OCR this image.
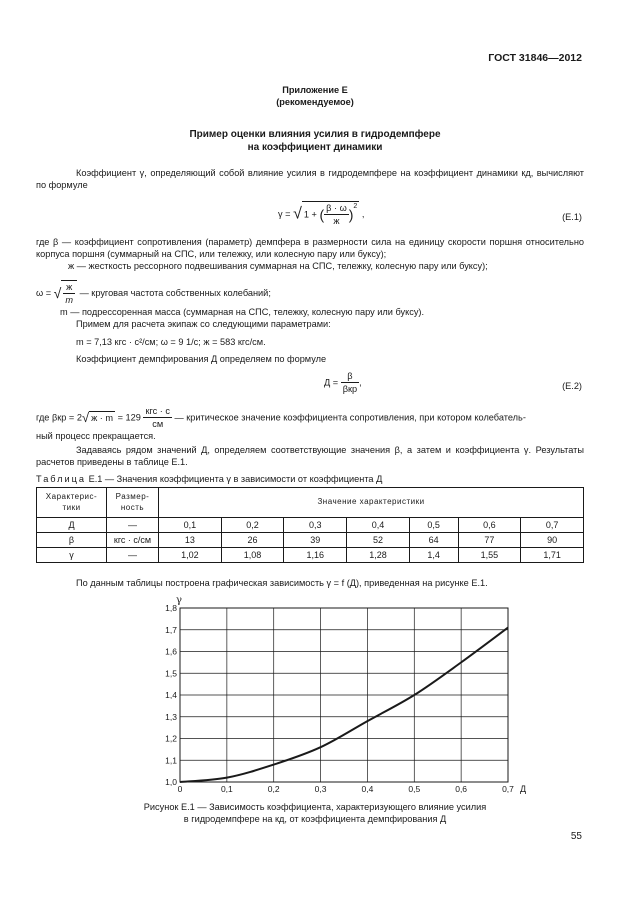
ГОСТ 31846—2012
Приложение Е
(рекомендуемое)
Пример оценки влияния усилия в гидродемпфере
на коэффициент динамики
Коэффициент γ, определяющий собой влияние усилия в гидродемпфере на коэффициент динамики кд, вычисляют по формуле
γ = √ 1 + ( $\frac{\beta \cdot \omega}{ж} )^2$ ,	(Е.1)
где β — коэффициент сопротивления (параметр) демпфера в размерности сила на единицу скорости поршня относительно корпуса поршня (суммарный на СПС, или тележку, или колесную пару или буксу);
ж — жесткость рессорного подвешивания суммарная на СПС, тележку, колесную пару или буксу);
ω = √ $\frac{ж}{m}$ — круговая частота собственных колебаний;
m — подрессоренная масса (суммарная на СПС, тележку, колесную пару или буксу).
Примем для расчета экипаж со следующими параметрами:
m = 7,13 кгс · с²/см; ω = 9 1/с; ж = 583 кгс/см.
Коэффициент демпфирования Д определяем по формуле
$Д = \frac{\beta}{\text{βкр}}$ ,	(Е.2)
где βкр = 2√ $ж \cdot m = 129 \frac{\text{кгс · с}}{см}$ — критическое значение коэффициента сопротивления, при котором колебатель-
ный процесс прекращается.
Задаваясь рядом значений Д, определяем соответствующие значения β, а затем и коэффициента γ. Результаты расчетов приведены в таблице Е.1.
Таблица Е.1 — Значения коэффициента γ в зависимости от коэффициента Д
Характерис-тики	Размер-ность	Значение характеристики						
Д	—	0,1	0,2	0,3	0,4	0,5	0,6	0,7
β	кгс · с/см	13	26	39	52	64	77	90
γ	—	1,02	1,08	1,16	1,28	1,4	1,55	1,71
По данным таблицы построена графическая зависимость γ = f (Д), приведенная на рисунке Е.1.
0	0,1	0,2	0,3	0,4	0,5	0,6	0,7
1,0
1,1
1,2
1,3
1,4
1,5
1,6
1,7
1,8
Д
γ
Рисунок Е.1 — Зависимость коэффициента, характеризующего влияние усилия
в гидродемпфере на кд, от коэффициента демпфирования Д
55
